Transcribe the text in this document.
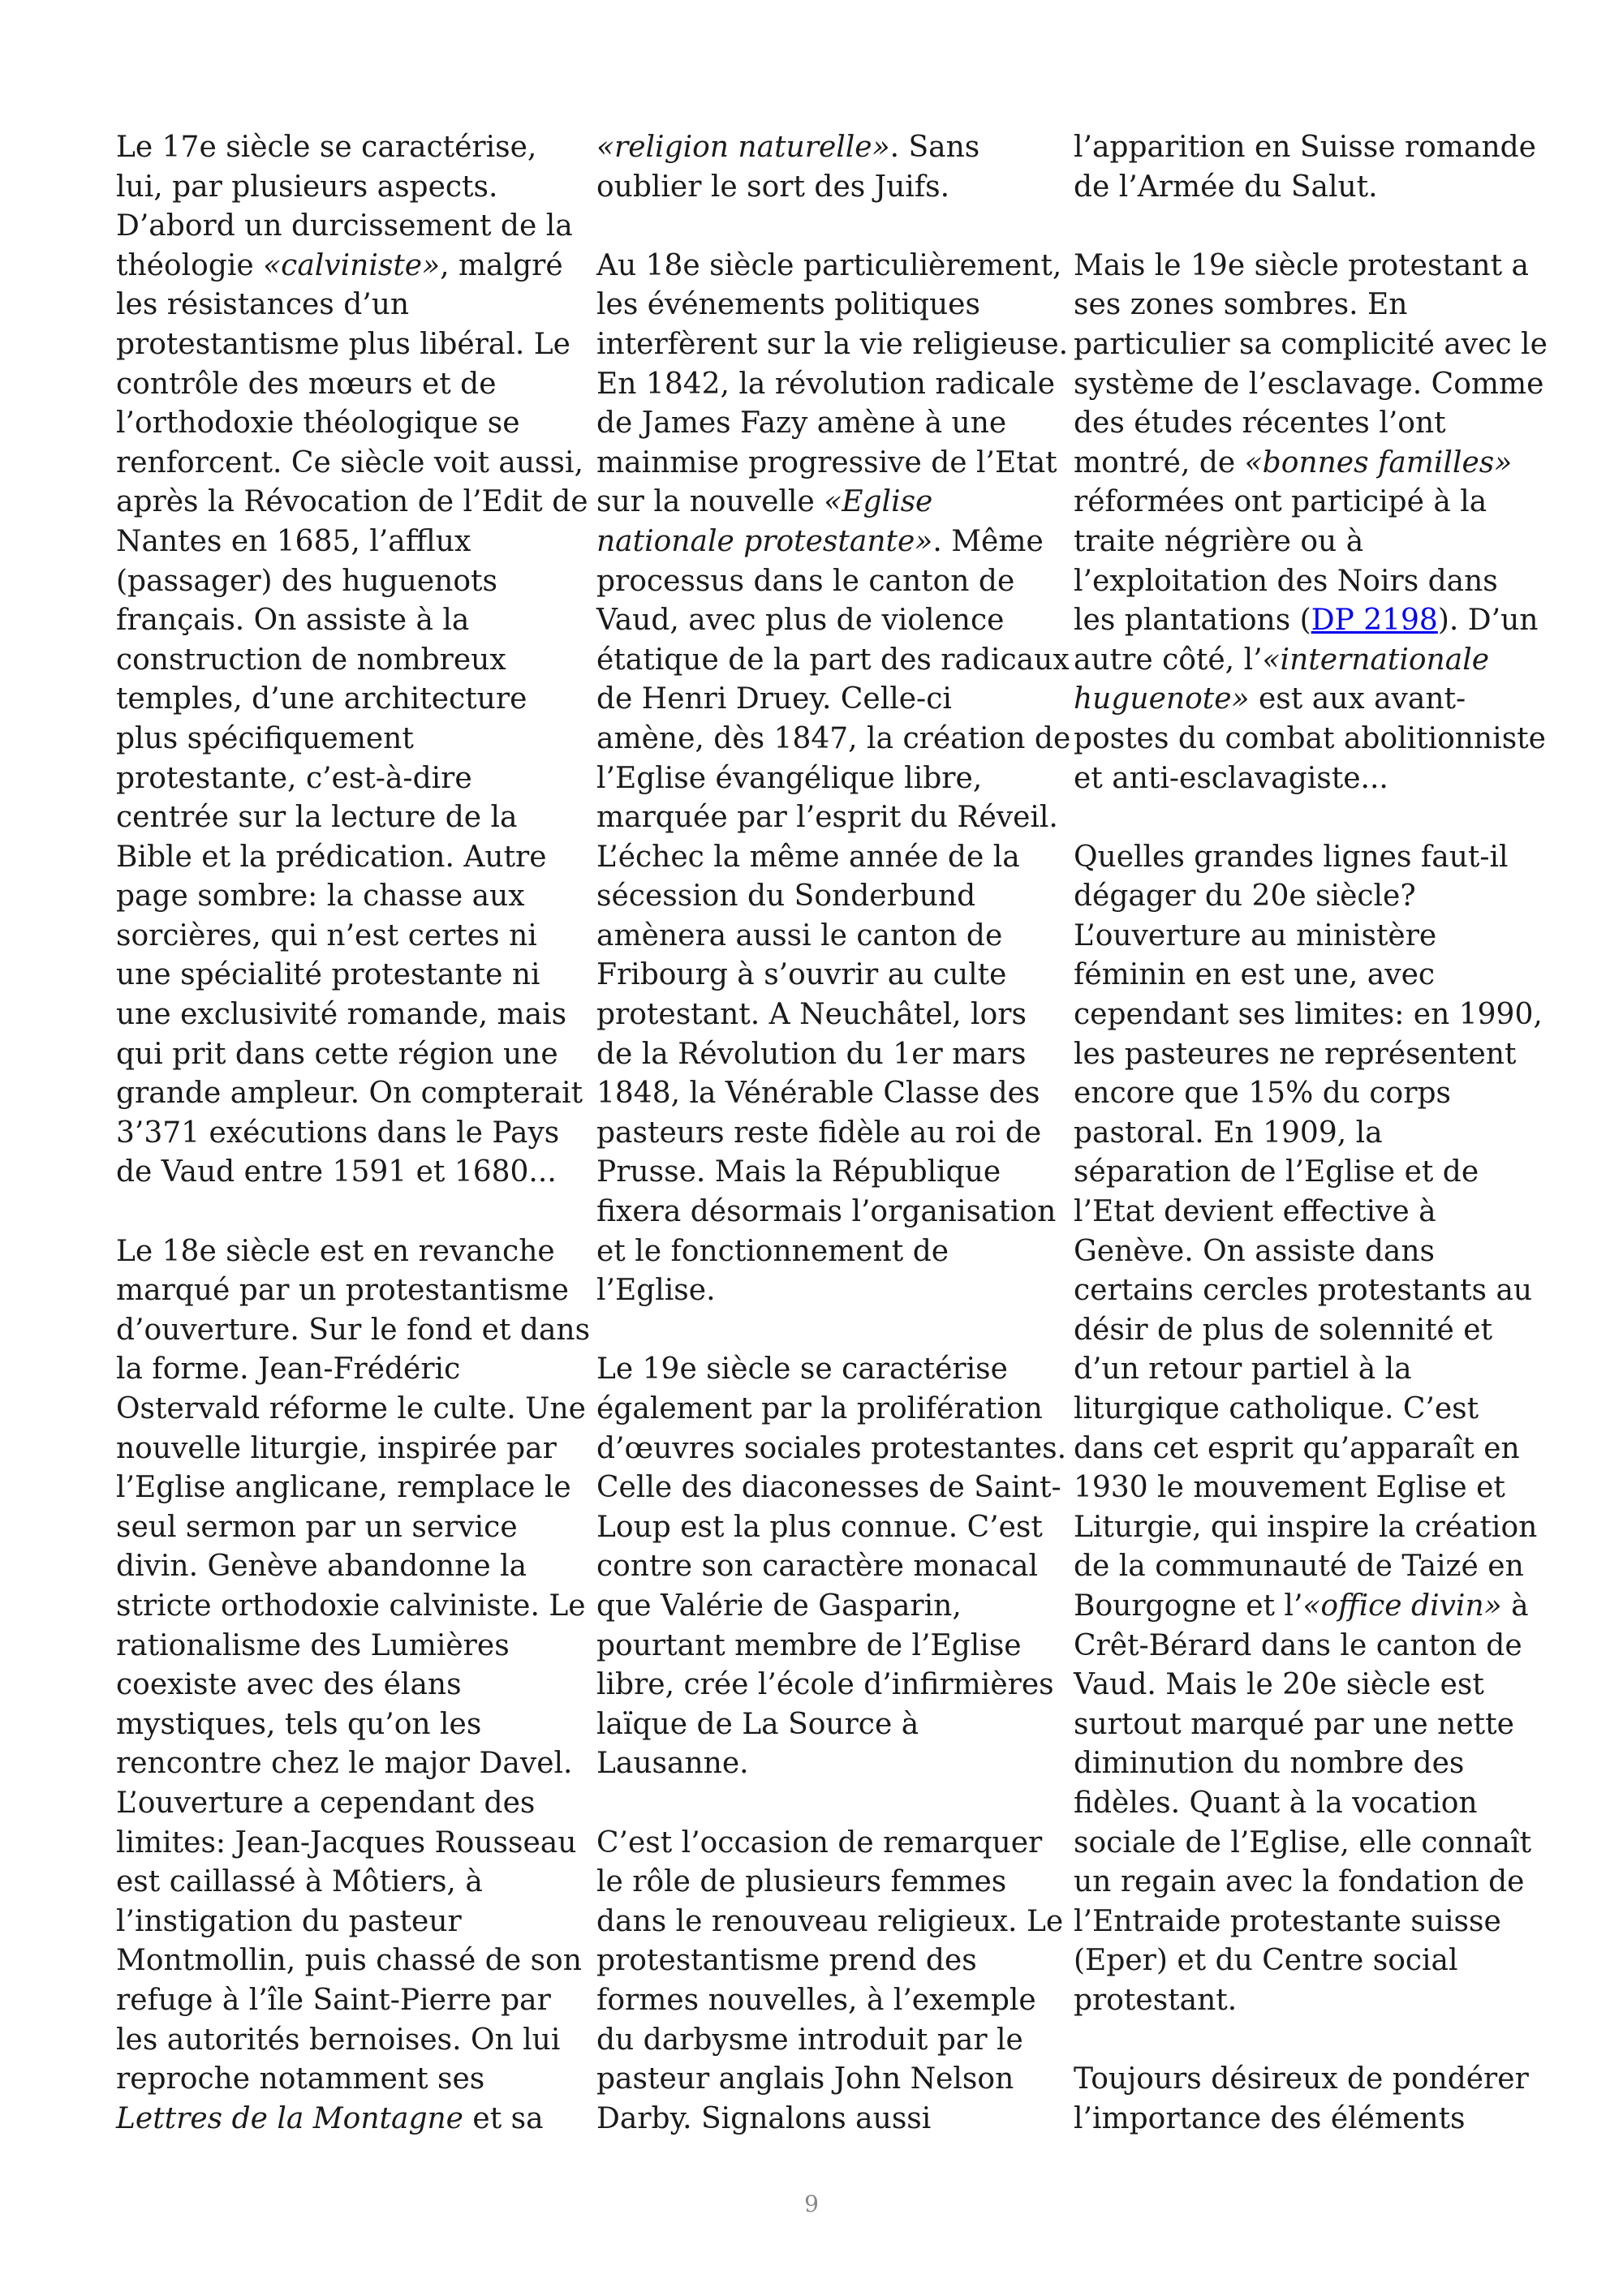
Le 17e siècle se caractérise,
lui, par plusieurs aspects.
D’abord un durcissement de la
théologie «calviniste», malgré
les résistances d’un
protestantisme plus libéral. Le
contrôle des mœurs et de
l’orthodoxie théologique se
renforcent. Ce siècle voit aussi,
après la Révocation de l’Edit de
Nantes en 1685, l’afflux
(passager) des huguenots
français. On assiste à la
construction de nombreux
temples, d’une architecture
plus spécifiquement
protestante, c’est-à-dire
centrée sur la lecture de la
Bible et la prédication. Autre
page sombre: la chasse aux
sorcières, qui n’est certes ni
une spécialité protestante ni
une exclusivité romande, mais
qui prit dans cette région une
grande ampleur. On compterait
3’371 exécutions dans le Pays
de Vaud entre 1591 et 1680...
Le 18e siècle est en revanche
marqué par un protestantisme
d’ouverture. Sur le fond et dans
la forme. Jean-Frédéric
Ostervald réforme le culte. Une
nouvelle liturgie, inspirée par
l’Eglise anglicane, remplace le
seul sermon par un service
divin. Genève abandonne la
stricte orthodoxie calviniste. Le
rationalisme des Lumières
coexiste avec des élans
mystiques, tels qu’on les
rencontre chez le major Davel.
L’ouverture a cependant des
limites: Jean-Jacques Rousseau
est caillassé à Môtiers, à
l’instigation du pasteur
Montmollin, puis chassé de son
refuge à l’île Saint-Pierre par
les autorités bernoises. On lui
reproche notamment ses
Lettres de la Montagne et sa
«religion naturelle». Sans
oublier le sort des Juifs.
Au 18e siècle particulièrement,
les événements politiques
interfèrent sur la vie religieuse.
En 1842, la révolution radicale
de James Fazy amène à une
mainmise progressive de l’Etat
sur la nouvelle «Eglise
nationale protestante». Même
processus dans le canton de
Vaud, avec plus de violence
étatique de la part des radicaux
de Henri Druey. Celle-ci
amène, dès 1847, la création de
l’Eglise évangélique libre,
marquée par l’esprit du Réveil.
L’échec la même année de la
sécession du Sonderbund
amènera aussi le canton de
Fribourg à s’ouvrir au culte
protestant. A Neuchâtel, lors
de la Révolution du 1er mars
1848, la Vénérable Classe des
pasteurs reste fidèle au roi de
Prusse. Mais la République
fixera désormais l’organisation
et le fonctionnement de
l’Eglise.
Le 19e siècle se caractérise
également par la prolifération
d’œuvres sociales protestantes.
Celle des diaconesses de Saint-
Loup est la plus connue. C’est
contre son caractère monacal
que Valérie de Gasparin,
pourtant membre de l’Eglise
libre, crée l’école d’infirmières
laïque de La Source à
Lausanne.
C’est l’occasion de remarquer
le rôle de plusieurs femmes
dans le renouveau religieux. Le
protestantisme prend des
formes nouvelles, à l’exemple
du darbysme introduit par le
pasteur anglais John Nelson
Darby. Signalons aussi
l’apparition en Suisse romande
de l’Armée du Salut.
Mais le 19e siècle protestant a
ses zones sombres. En
particulier sa complicité avec le
système de l’esclavage. Comme
des études récentes l’ont
montré, de «bonnes familles»
réformées ont participé à la
traite négrière ou à
l’exploitation des Noirs dans
les plantations (DP 2198). D’un
autre côté, l’«internationale
huguenote» est aux avant-
postes du combat abolitionniste
et anti-esclavagiste...
Quelles grandes lignes faut-il
dégager du 20e siècle?
L’ouverture au ministère
féminin en est une, avec
cependant ses limites: en 1990,
les pasteures ne représentent
encore que 15% du corps
pastoral. En 1909, la
séparation de l’Eglise et de
l’Etat devient effective à
Genève. On assiste dans
certains cercles protestants au
désir de plus de solennité et
d’un retour partiel à la
liturgique catholique. C’est
dans cet esprit qu’apparaît en
1930 le mouvement Eglise et
Liturgie, qui inspire la création
de la communauté de Taizé en
Bourgogne et l’«office divin» à
Crêt-Bérard dans le canton de
Vaud. Mais le 20e siècle est
surtout marqué par une nette
diminution du nombre des
fidèles. Quant à la vocation
sociale de l’Eglise, elle connaît
un regain avec la fondation de
l’Entraide protestante suisse
(Eper) et du Centre social
protestant.
Toujours désireux de pondérer
l’importance des éléments
9
